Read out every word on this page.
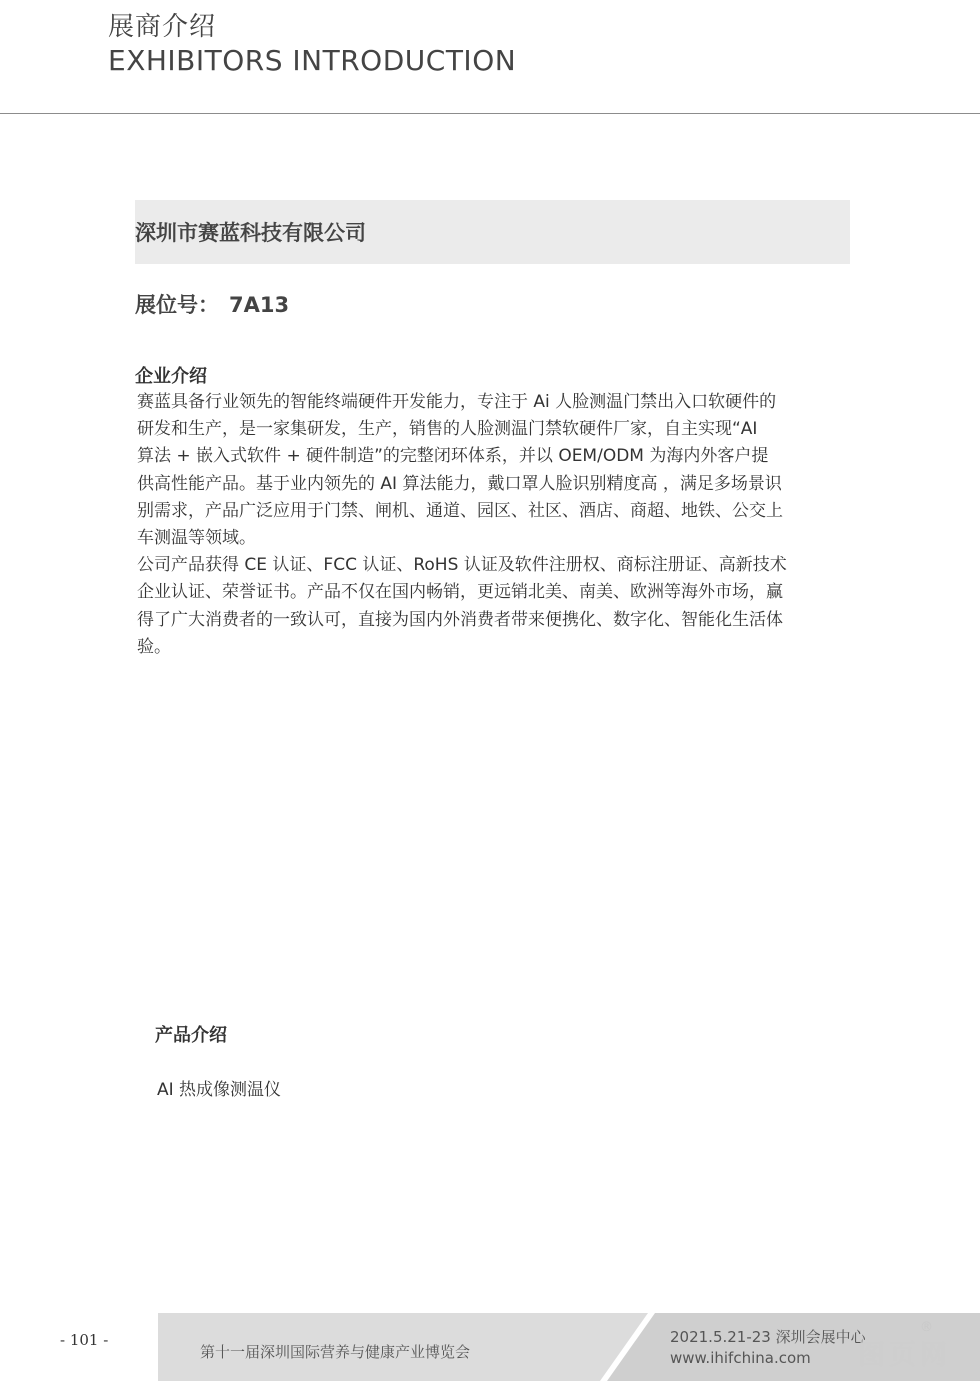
展商介绍
EXHIBITORS INTRODUCTION
深圳市赛蓝科技有限公司
展位号： 7A13
企业介绍
赛蓝具备行业领先的智能终端硬件开发能力，专注于 Ai 人脸测温门禁出入口软硬件的
研发和生产，是一家集研发，生产，销售的人脸测温门禁软硬件厂家，自主实现“AI
算法 + 嵌入式软件 + 硬件制造”的完整闭环体系，并以 OEM/ODM 为海内外客户提
供高性能产品。基于业内领先的 AI 算法能力，戴口罩人脸识别精度高 ，满足多场景识
别需求，产品广泛应用于门禁、闸机、通道、园区、社区、酒店、商超、地铁、公交上
车测温等领域。
公司产品获得 CE 认证、FCC 认证、RoHS 认证及软件注册权、商标注册证、高新技术
企业认证、荣誉证书。产品不仅在国内畅销，更远销北美、南美、欧洲等海外市场，赢
得了广大消费者的一致认可，直接为国内外消费者带来便携化、数字化、智能化生活体
验。
产品介绍
AI 热成像测温仪
- 101 -
第十一届深圳国际营养与健康产业博览会
2021.5.21-23 深圳会展中心
www.ihifchina.com 图页网
®
